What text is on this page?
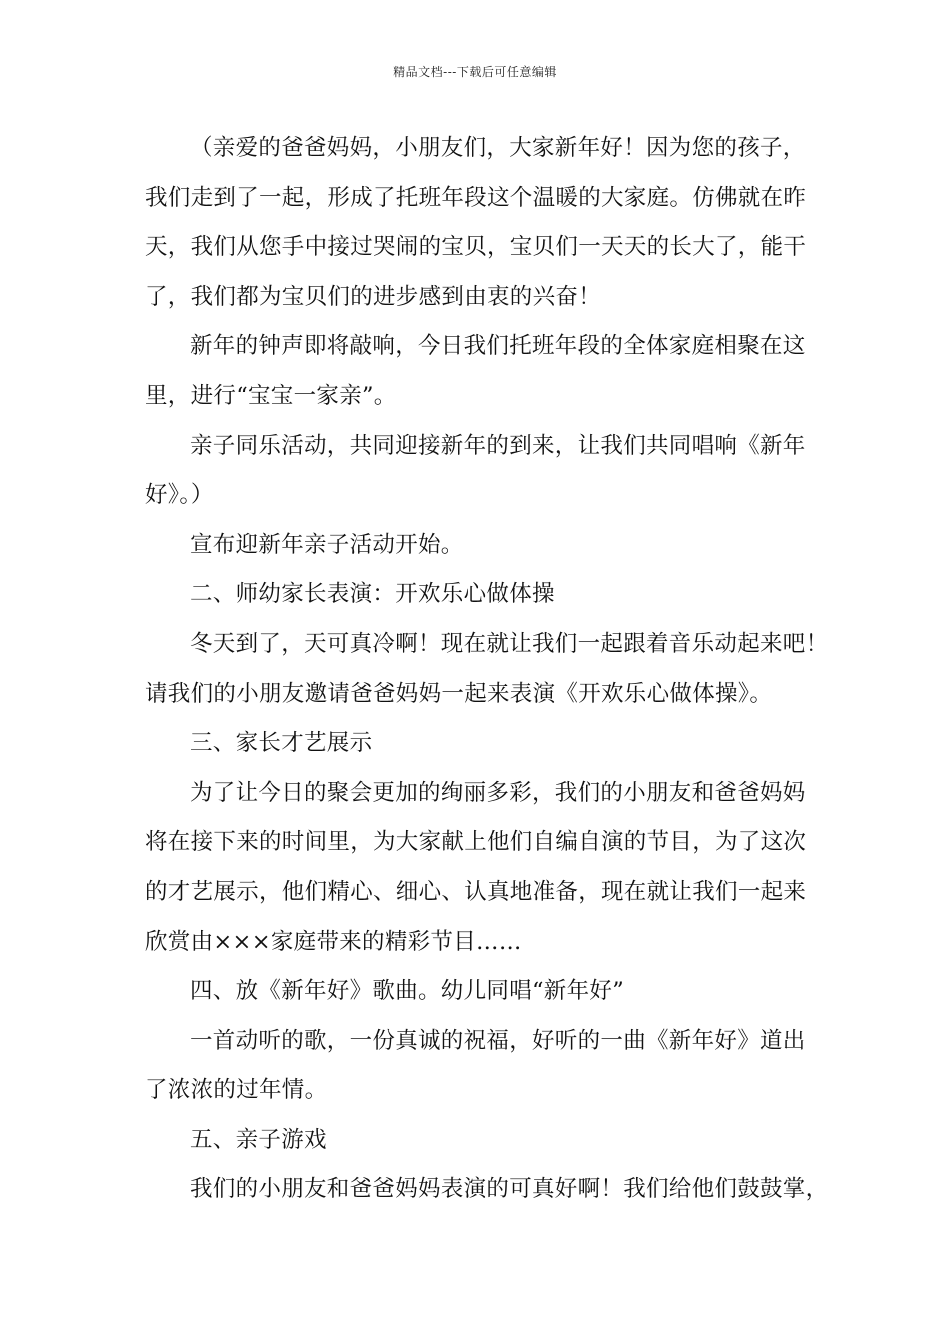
精品文档---下载后可任意编辑
（亲爱的爸爸妈妈，小朋友们，大家新年好！因为您的孩子，
我们走到了一起，形成了托班年段这个温暖的大家庭。仿佛就在昨
天，我们从您手中接过哭闹的宝贝，宝贝们一天天的长大了，能干
了，我们都为宝贝们的进步感到由衷的兴奋！
新年的钟声即将敲响，今日我们托班年段的全体家庭相聚在这
里，进行“宝宝一家亲”。
亲子同乐活动，共同迎接新年的到来，让我们共同唱响《新年
好》。）
宣布迎新年亲子活动开始。
二、师幼家长表演：开欢乐心做体操
冬天到了，天可真冷啊！现在就让我们一起跟着音乐动起来吧！
请我们的小朋友邀请爸爸妈妈一起来表演《开欢乐心做体操》。
三、家长才艺展示
为了让今日的聚会更加的绚丽多彩，我们的小朋友和爸爸妈妈
将在接下来的时间里，为大家献上他们自编自演的节目，为了这次
的才艺展示，他们精心、细心、认真地准备，现在就让我们一起来
欣赏由×××家庭带来的精彩节目……
四、放《新年好》歌曲。幼儿同唱“新年好”
一首动听的歌，一份真诚的祝福，好听的一曲《新年好》道出
了浓浓的过年情。
五、亲子游戏
我们的小朋友和爸爸妈妈表演的可真好啊！我们给他们鼓鼓掌，
